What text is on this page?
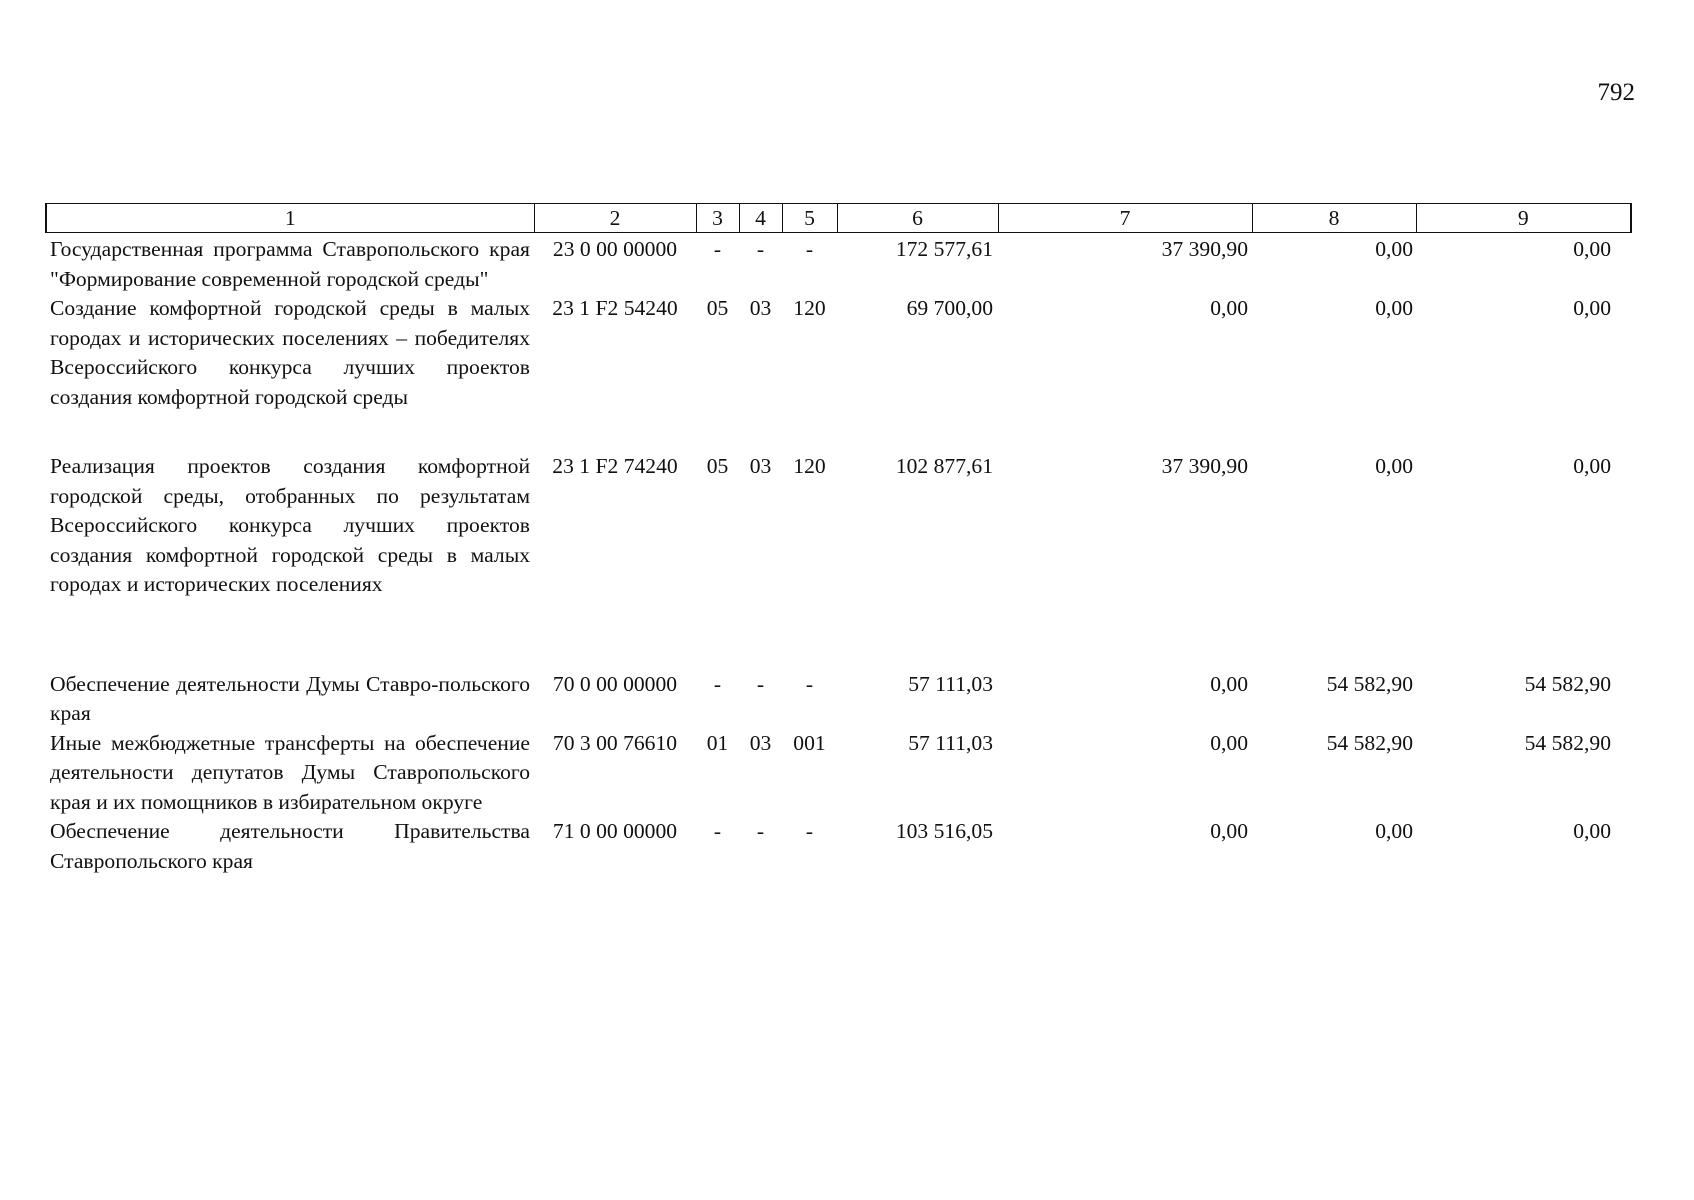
792
1	2	3	4	5	6	7	8	9
Государственная программа Ставропольского края "Формирование современной городской среды"	23 0 00 00000	-	-	-	172 577,61	37 390,90	0,00	0,00
Создание комфортной городской среды в малых городах и исторических поселениях – победителях Всероссийского конкурса лучших проектов создания комфортной городской среды	23 1 F2 54240	05	03	120	69 700,00	0,00	0,00	0,00
Реализация проектов создания комфортной городской среды, отобранных по результатам Всероссийского конкурса лучших проектов создания комфортной городской среды в малых городах и исторических поселениях	23 1 F2 74240	05	03	120	102 877,61	37 390,90	0,00	0,00
Обеспечение деятельности Думы Ставро-польского края	70 0 00 00000	-	-	-	57 111,03	0,00	54 582,90	54 582,90
Иные межбюджетные трансферты на обеспечение деятельности депутатов Думы Ставропольского края и их помощников в избирательном округе	70 3 00 76610	01	03	001	57 111,03	0,00	54 582,90	54 582,90
Обеспечение деятельности Правительства Ставропольского края	71 0 00 00000	-	-	-	103 516,05	0,00	0,00	0,00
